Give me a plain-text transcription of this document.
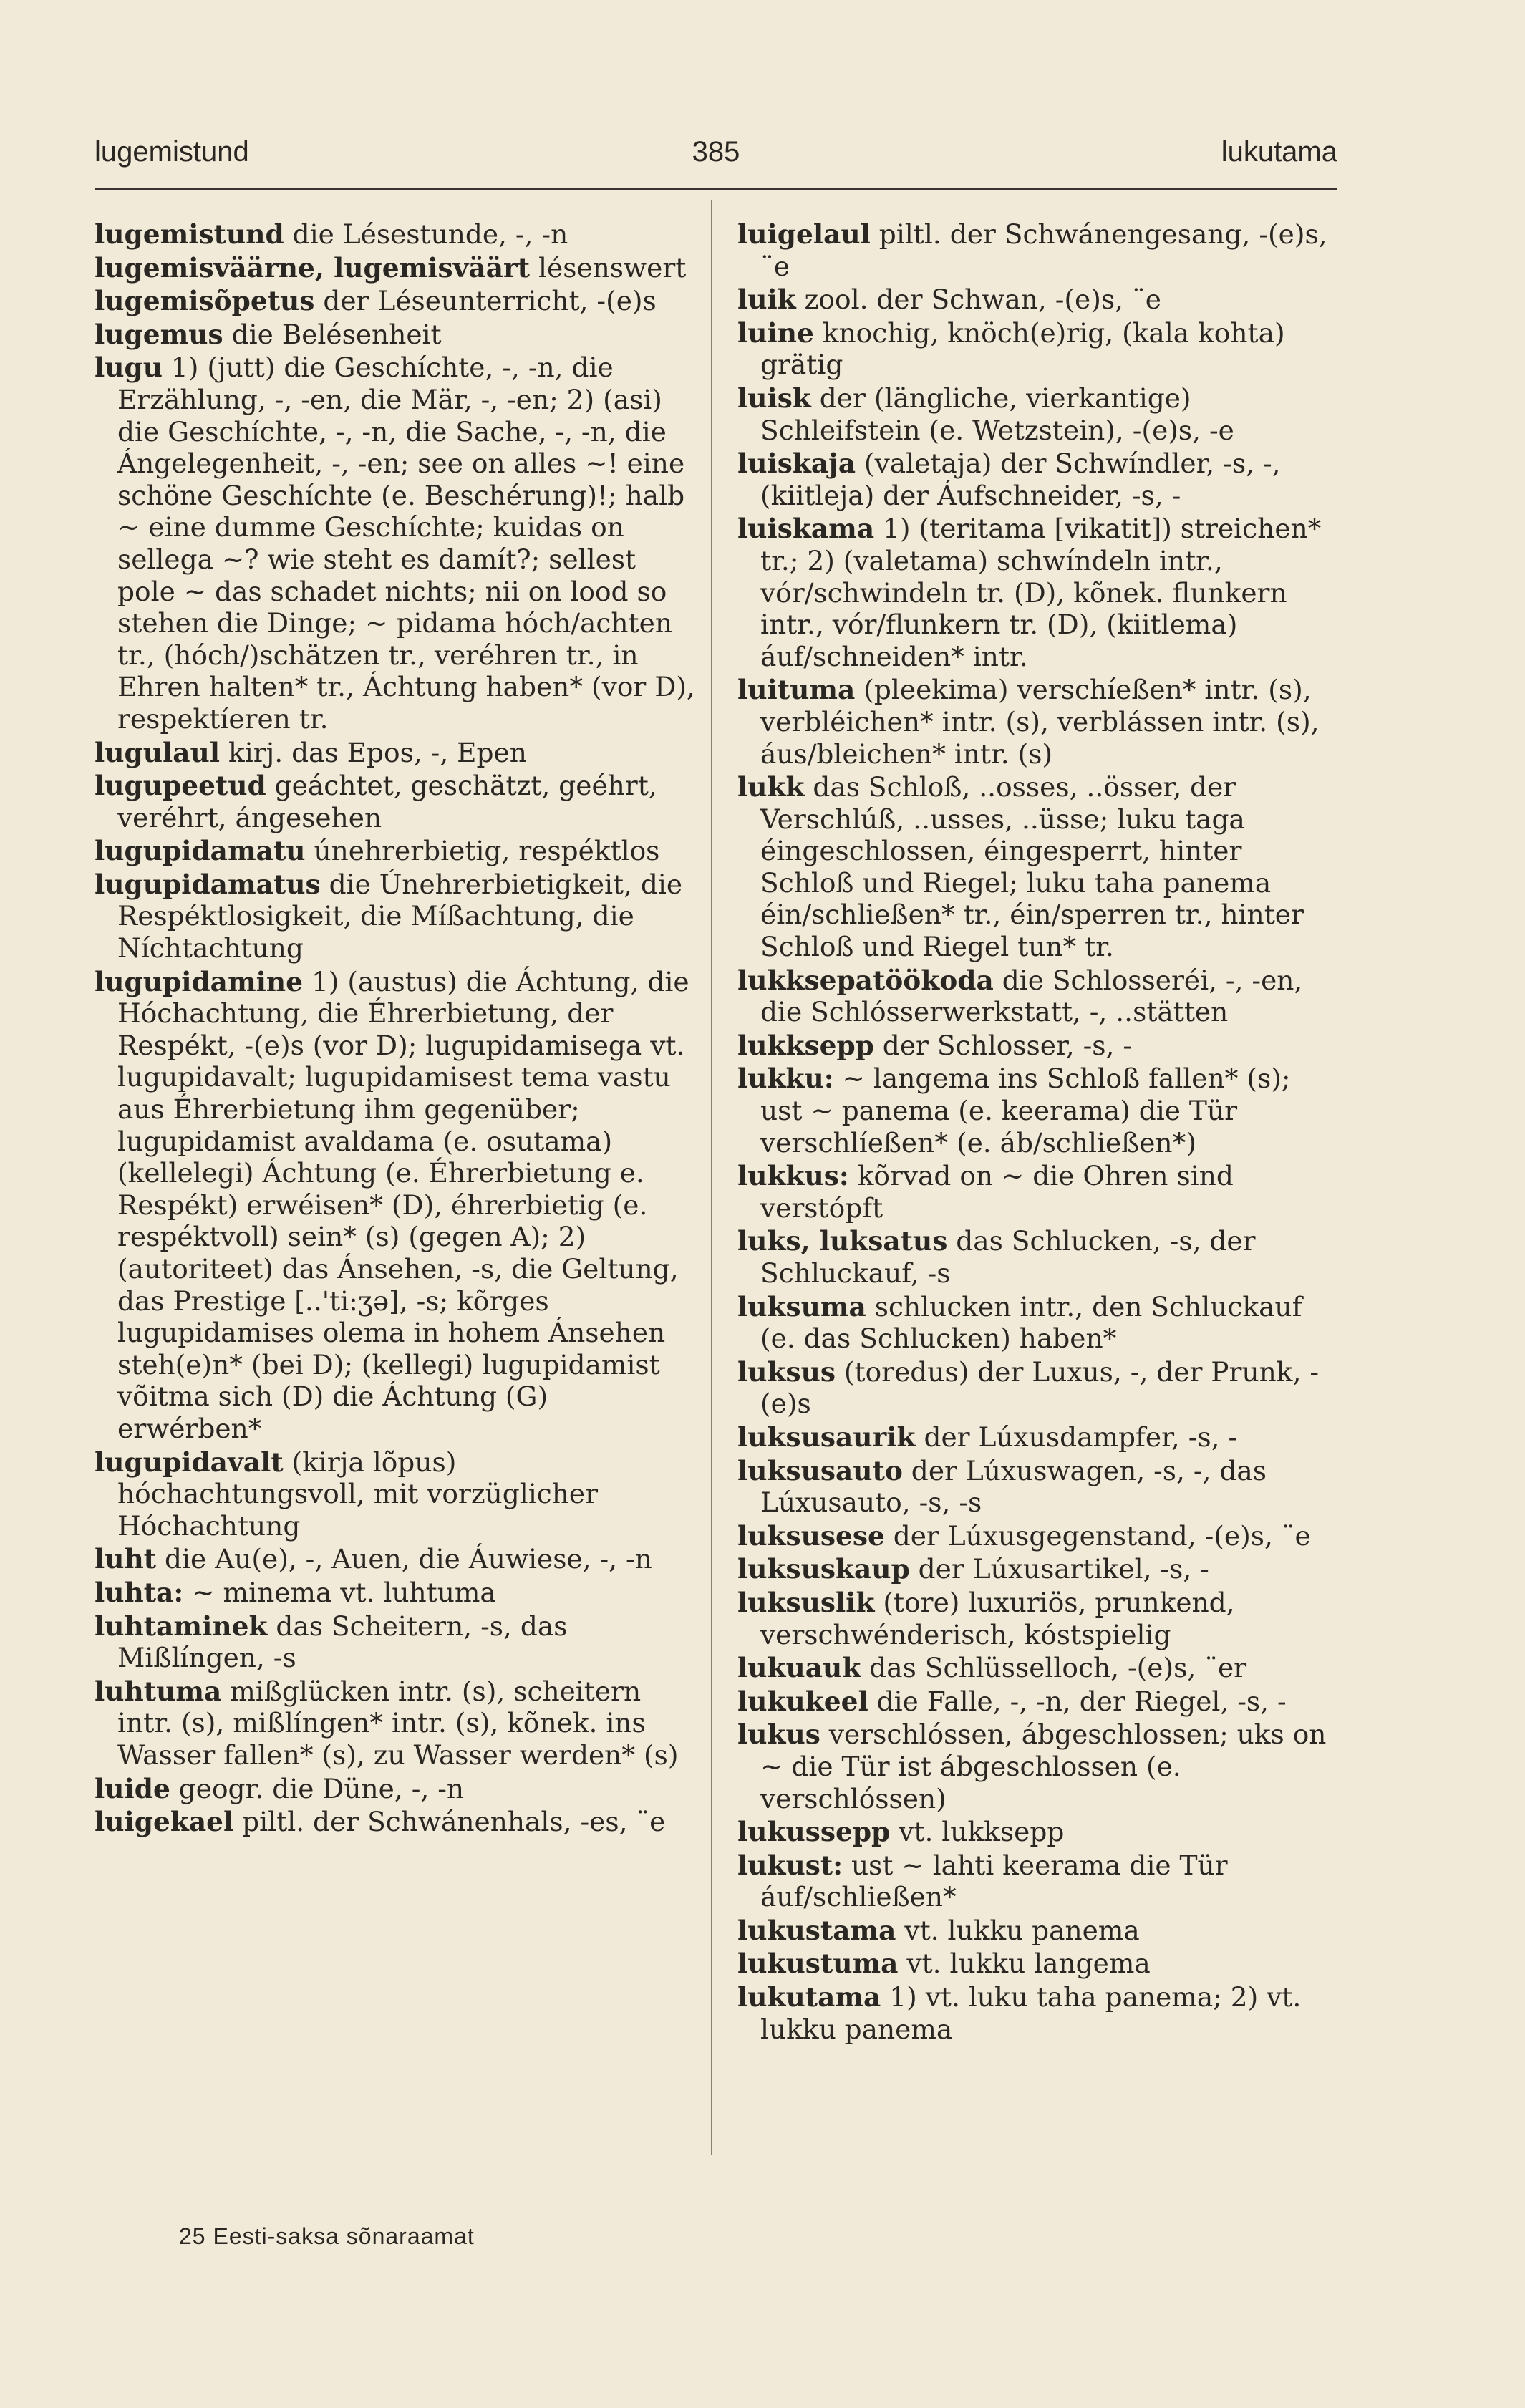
lugemistund	385	lukutama

lugemistund die Lésestunde, -, -n

lugemisväärne, lugemisväärt lésenswert

lugemisõpetus der Léseunterricht, -(e)s

lugemus die Belésenheit

lugu 1) (jutt) die Geschíchte, -, -n, die Erzählung, -, -en, die Mär, -, -en; 2) (asi) die Geschíchte, -, -n, die Sache, -, -n, die Ángelegenheit, -, -en; see on alles ~! eine schöne Geschíchte (e. Beschérung)!; halb ~ eine dumme Geschíchte; kuidas on sellega ~? wie steht es damít?; sellest pole ~ das schadet nichts; nii on lood so stehen die Dinge; ~ pidama hóch/achten tr., (hóch/)schätzen tr., veréhren tr., in Ehren halten* tr., Áchtung haben* (vor D), respektíeren tr.

lugulaul kirj. das Epos, -, Epen

lugupeetud geáchtet, geschätzt, geéhrt, veréhrt, ángesehen

lugupidamatu únehrerbietig, respéktlos

lugupidamatus die Únehrerbietigkeit, die Respéktlosigkeit, die Míßachtung, die Níchtachtung

lugupidamine 1) (austus) die Áchtung, die Hóchachtung, die Éhrerbietung, der Respékt, -(e)s (vor D); lugupidamisega vt. lugupidavalt; lugupidamisest tema vastu aus Éhrerbietung ihm gegenüber; lugupidamist avaldama (e. osutama) (kellelegi) Áchtung (e. Éhrerbietung e. Respékt) erwéisen* (D), éhrerbietig (e. respéktvoll) sein* (s) (gegen A); 2) (autoriteet) das Ánsehen, -s, die Geltung, das Prestige [..'ti:ʒə], -s; kõrges lugupidamises olema in hohem Ánsehen steh(e)n* (bei D); (kellegi) lugupidamist võitma sich (D) die Áchtung (G) erwérben*

lugupidavalt (kirja lõpus) hóchachtungsvoll, mit vorzüglicher Hóchachtung

luht die Au(e), -, Auen, die Áuwiese, -, -n

luhta: ~ minema vt. luhtuma

luhtaminek das Scheitern, -s, das Mißlíngen, -s

luhtuma mißglücken intr. (s), scheitern intr. (s), mißlíngen* intr. (s), kõnek. ins Wasser fallen* (s), zu Wasser werden* (s)

luide geogr. die Düne, -, -n

luigekael piltl. der Schwánenhals, -es, ¨e

luigelaul piltl. der Schwánengesang, -(e)s, ¨e

luik zool. der Schwan, -(e)s, ¨e

luine knochig, knöch(e)rig, (kala kohta) grätig

luisk der (längliche, vierkantige) Schleifstein (e. Wetzstein), -(e)s, -e

luiskaja (valetaja) der Schwíndler, -s, -, (kiitleja) der Áufschneider, -s, -

luiskama 1) (teritama [vikatit]) streichen* tr.; 2) (valetama) schwíndeln intr., vór/schwindeln tr. (D), kõnek. flunkern intr., vór/flunkern tr. (D), (kiitlema) áuf/schneiden* intr.

luituma (pleekima) verschíeßen* intr. (s), verbléichen* intr. (s), verblássen intr. (s), áus/bleichen* intr. (s)

lukk das Schloß, ..osses, ..össer, der Verschlúß, ..usses, ..üsse; luku taga éingeschlossen, éingesperrt, hinter Schloß und Riegel; luku taha panema éin/schließen* tr., éin/sperren tr., hinter Schloß und Riegel tun* tr.

lukksepatöökoda die Schlosseréi, -, -en, die Schlósserwerkstatt, -, ..stätten

lukksepp der Schlosser, -s, -

lukku: ~ langema ins Schloß fallen* (s); ust ~ panema (e. keerama) die Tür verschlíeßen* (e. áb/schließen*)

lukkus: kõrvad on ~ die Ohren sind verstópft

luks, luksatus das Schlucken, -s, der Schluckauf, -s

luksuma schlucken intr., den Schluckauf (e. das Schlucken) haben*

luksus (toredus) der Luxus, -, der Prunk, -(e)s

luksusaurik der Lúxusdampfer, -s, -

luksusauto der Lúxuswagen, -s, -, das Lúxusauto, -s, -s

luksusese der Lúxusgegenstand, -(e)s, ¨e

luksuskaup der Lúxusartikel, -s, -

luksuslik (tore) luxuriös, prunkend, verschwénderisch, kóstspielig

lukuauk das Schlüsselloch, -(e)s, ¨er

lukukeel die Falle, -, -n, der Riegel, -s, -

lukus verschlóssen, ábgeschlossen; uks on ~ die Tür ist ábgeschlossen (e. verschlóssen)

lukussepp vt. lukksepp

lukust: ust ~ lahti keerama die Tür áuf/schließen*

lukustama vt. lukku panema

lukustuma vt. lukku langema

lukutama 1) vt. luku taha panema; 2) vt. lukku panema

25 Eesti-saksa sõnaraamat
